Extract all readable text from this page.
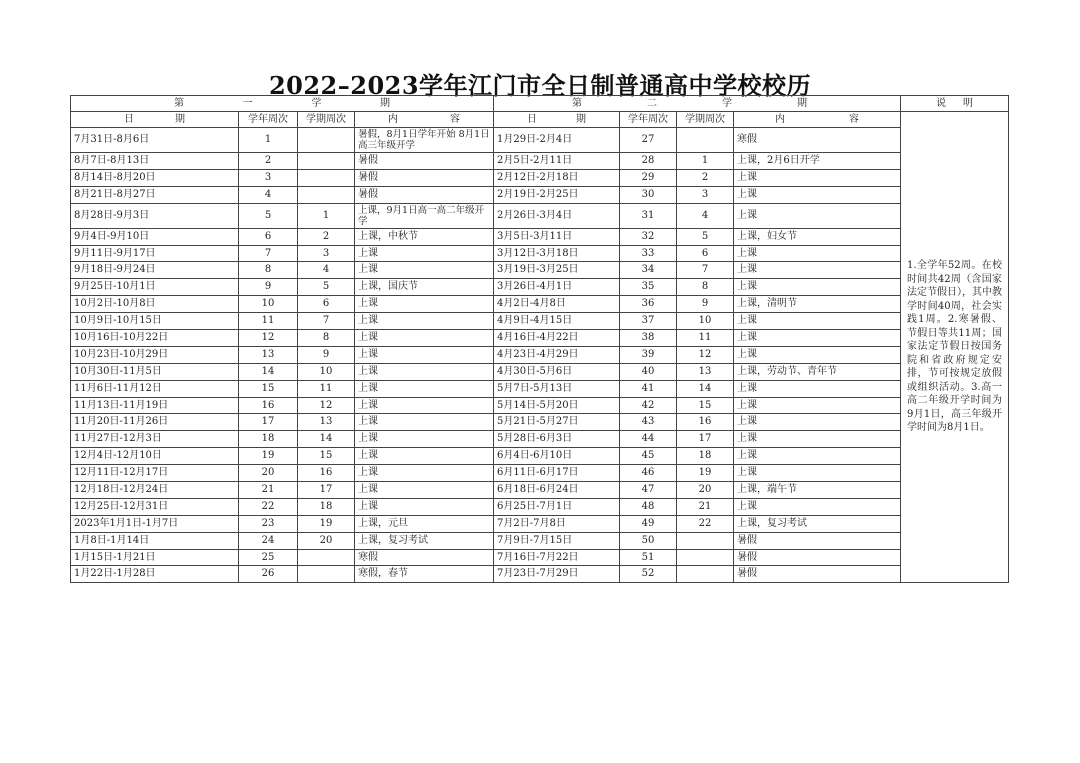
2022–2023学年江门市全日制普通高中学校校历
第 一 学 期				第 二 学 期				说 明

日 期	学年周次	学期周次	内 容	日 期	学年周次	学期周次	内 容	1.全学年52周。在校时间共42周（含国家法定节假日），其中教学时间40周，社会实践1周。2.寒暑假、节假日等共11周；国家法定节假日按国务院和省政府规定安排，节可按规定放假或组织活动。3.高一高二年级开学时间为9月1日，高三年级开学时间为8月1日。

7月31日-8月6日	1		暑假，8月1日学年开始 8月1日高三年级开学	1月29日-2月4日	27		寒假	
8月7日-8月13日	2		暑假	2月5日-2月11日	28	1	上课，2月6日开学	
8月14日-8月20日	3		暑假	2月12日-2月18日	29	2	上课	
8月21日-8月27日	4		暑假	2月19日-2月25日	30	3	上课	
8月28日-9月3日	5	1	上课，9月1日高一高二年级开学	2月26日-3月4日	31	4	上课	
9月4日-9月10日	6	2	上课，中秋节	3月5日-3月11日	32	5	上课，妇女节	
9月11日-9月17日	7	3	上课	3月12日-3月18日	33	6	上课	
9月18日-9月24日	8	4	上课	3月19日-3月25日	34	7	上课	
9月25日-10月1日	9	5	上课，国庆节	3月26日-4月1日	35	8	上课	
10月2日-10月8日	10	6	上课	4月2日-4月8日	36	9	上课，清明节	
10月9日-10月15日	11	7	上课	4月9日-4月15日	37	10	上课	
10月16日-10月22日	12	8	上课	4月16日-4月22日	38	11	上课	
10月23日-10月29日	13	9	上课	4月23日-4月29日	39	12	上课	
10月30日-11月5日	14	10	上课	4月30日-5月6日	40	13	上课，劳动节、青年节	
11月6日-11月12日	15	11	上课	5月7日-5月13日	41	14	上课	
11月13日-11月19日	16	12	上课	5月14日-5月20日	42	15	上课	
11月20日-11月26日	17	13	上课	5月21日-5月27日	43	16	上课	
11月27日-12月3日	18	14	上课	5月28日-6月3日	44	17	上课	
12月4日-12月10日	19	15	上课	6月4日-6月10日	45	18	上课	
12月11日-12月17日	20	16	上课	6月11日-6月17日	46	19	上课	
12月18日-12月24日	21	17	上课	6月18日-6月24日	47	20	上课，端午节	
12月25日-12月31日	22	18	上课	6月25日-7月1日	48	21	上课	
2023年1月1日-1月7日	23	19	上课，元旦	7月2日-7月8日	49	22	上课，复习考试	
1月8日-1月14日	24	20	上课，复习考试	7月9日-7月15日	50		暑假	
1月15日-1月21日	25		寒假	7月16日-7月22日	51		暑假	
1月22日-1月28日	26		寒假，春节	7月23日-7月29日	52		暑假	
